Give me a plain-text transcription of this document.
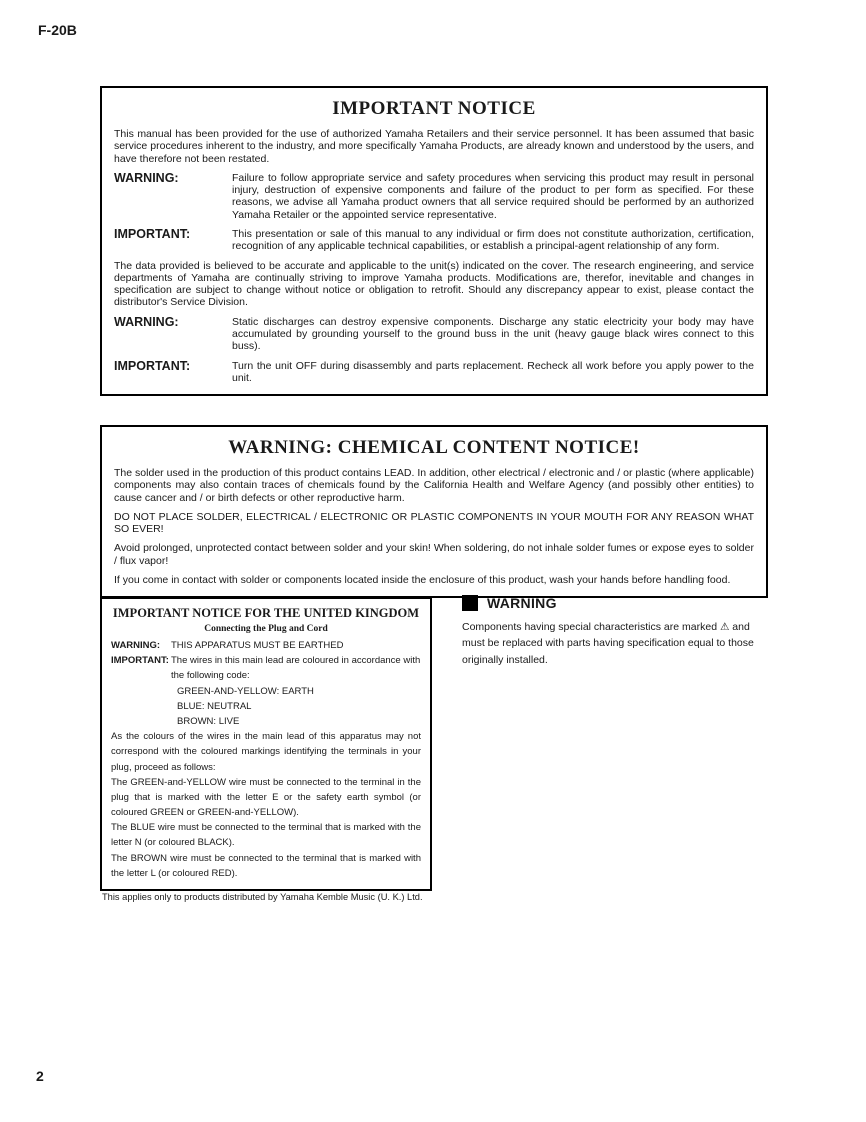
F-20B
IMPORTANT NOTICE

This manual has been provided for the use of authorized Yamaha Retailers and their service personnel. It has been assumed that basic service procedures inherent to the industry, and more specifically Yamaha Products, are already known and understood by the users, and have therefore not been restated.

WARNING:	Failure to follow appropriate service and safety procedures when servicing this product may result in personal injury, destruction of expensive components and failure of the product to per form as specified. For these reasons, we advise all Yamaha product owners that all service required should be performed by an authorized Yamaha Retailer or the appointed service representative.
IMPORTANT:	This presentation or sale of this manual to any individual or firm does not constitute authorization, certification, recognition of any applicable technical capabilities, or establish a principal-agent relationship of any form.

The data provided is believed to be accurate and applicable to the unit(s) indicated on the cover. The research engineering, and service departments of Yamaha are continually striving to improve Yamaha products. Modifications are, therefor, inevitable and changes in specification are subject to change without notice or obligation to retrofit. Should any discrepancy appear to exist, please contact the distributor's Service Division.

WARNING:	Static discharges can destroy expensive components. Discharge any static electricity your body may have accumulated by grounding yourself to the ground buss in the unit (heavy gauge black wires connect to this buss).
IMPORTANT:	Turn the unit OFF during disassembly and parts replacement. Recheck all work before you apply power to the unit.
WARNING: CHEMICAL CONTENT NOTICE!

The solder used in the production of this product contains LEAD. In addition, other electrical / electronic and / or plastic (where applicable) components may also contain traces of chemicals found by the California Health and Welfare Agency (and possibly other entities) to cause cancer and / or birth defects or other reproductive harm.

DO NOT PLACE SOLDER, ELECTRICAL / ELECTRONIC OR PLASTIC COMPONENTS IN YOUR MOUTH FOR ANY REASON WHAT SO EVER!

Avoid prolonged, unprotected contact between solder and your skin! When soldering, do not inhale solder fumes or expose eyes to solder / flux vapor!

If you come in contact with solder or components located inside the enclosure of this product, wash your hands before handling food.

IMPORTANT NOTICE FOR THE UNITED KINGDOM
Connecting the Plug and Cord
WARNING:	THIS APPARATUS MUST BE EARTHED
IMPORTANT: The wires in this main lead are coloured in accordance with the following code:
GREEN-AND-YELLOW: EARTH
BLUE: NEUTRAL
BROWN: LIVE

As the colours of the wires in the main lead of this apparatus may not correspond with the coloured markings identifying the terminals in your plug, proceed as follows:

The GREEN-and-YELLOW wire must be connected to the terminal in the plug that is marked with the letter E or the safety earth symbol (or coloured GREEN or GREEN-and-YELLOW).

The BLUE wire must be connected to the terminal that is marked with the letter N (or coloured BLACK).

The BROWN wire must be connected to the terminal that is marked with the letter L (or coloured RED).

This applies only to products distributed by Yamaha Kemble Music (U. K.) Ltd.
WARNING

Components having special characteristics are marked ⚠ and must be replaced with parts having specification equal to those originally installed.

2
